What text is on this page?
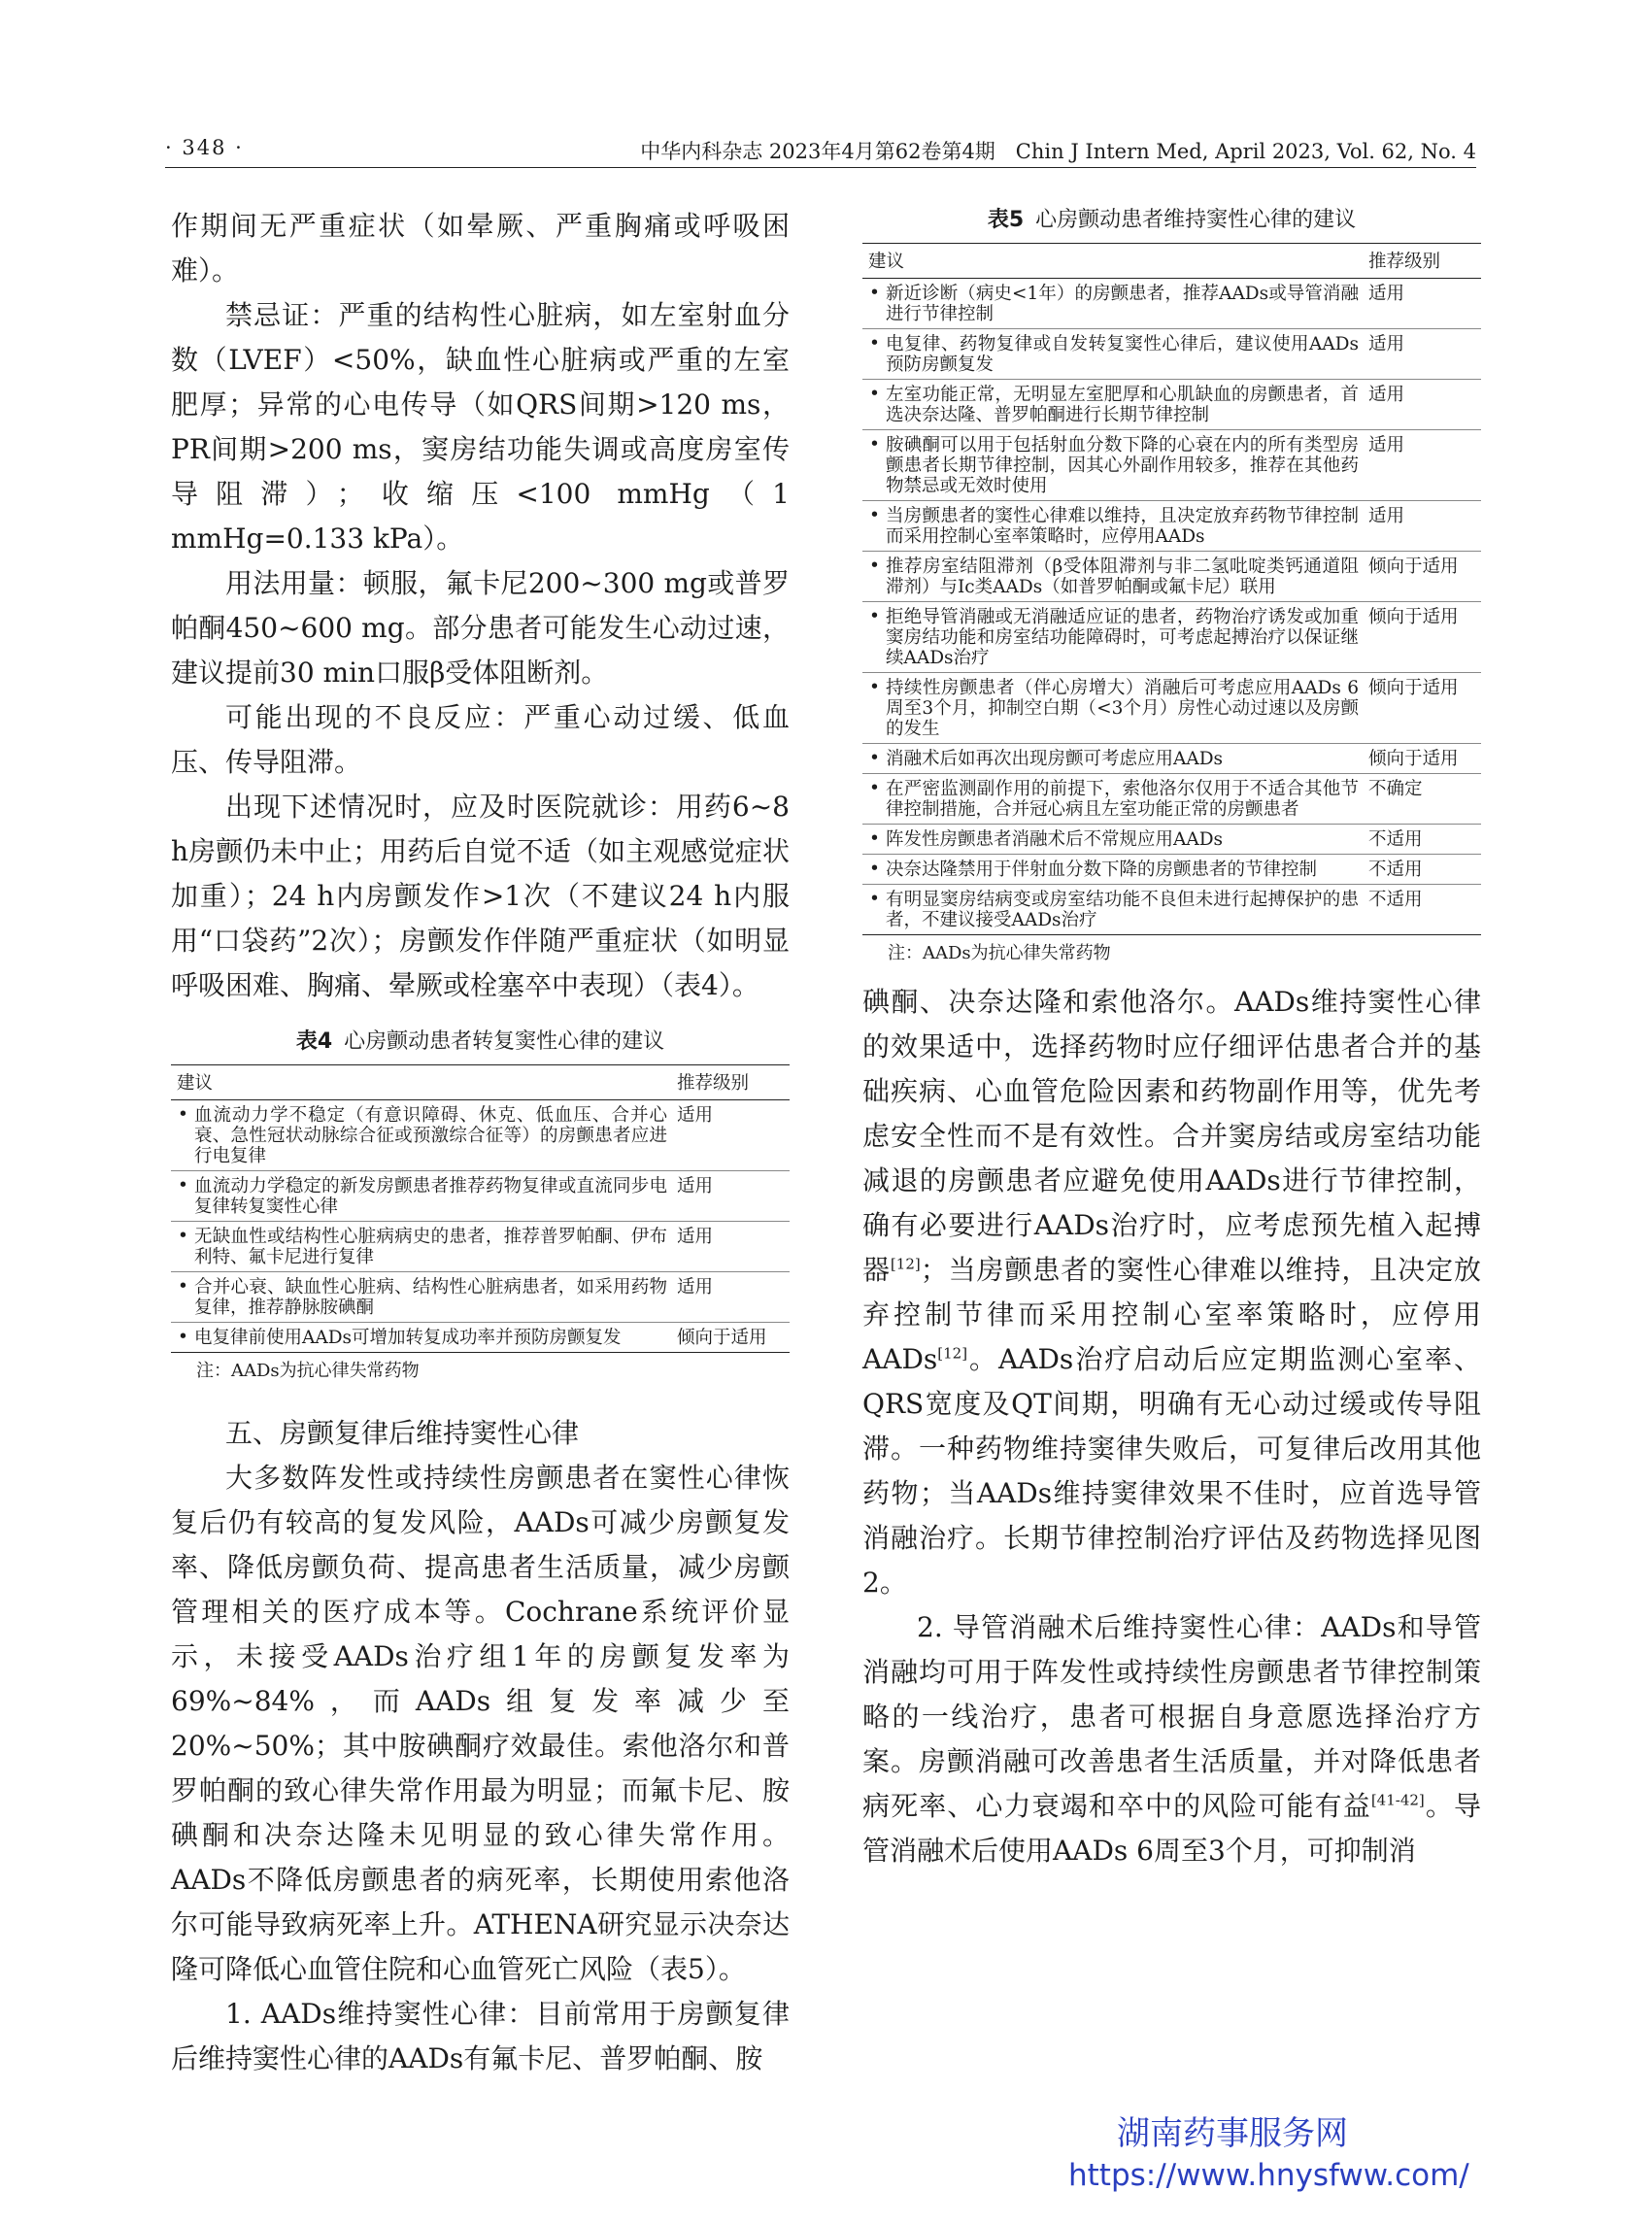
· 348 ·	中华内科杂志 2023年4月第62卷第4期　Chin J Intern Med, April 2023, Vol. 62, No. 4

作期间无严重症状（如晕厥、严重胸痛或呼吸困难）。

禁忌证：严重的结构性心脏病，如左室射血分数（LVEF）<50%，缺血性心脏病或严重的左室肥厚；异常的心电传导（如QRS间期>120 ms，PR间期>200 ms，窦房结功能失调或高度房室传导阻滞）；收缩压<100 mmHg（1 mmHg=0.133 kPa）。

用法用量：顿服，氟卡尼200~300 mg或普罗帕酮450~600 mg。部分患者可能发生心动过速，建议提前30 min口服β受体阻断剂。

可能出现的不良反应：严重心动过缓、低血压、传导阻滞。

出现下述情况时，应及时医院就诊：用药6~8 h房颤仍未中止；用药后自觉不适（如主观感觉症状加重）；24 h内房颤发作>1次（不建议24 h内服用“口袋药”2次）；房颤发作伴随严重症状（如明显呼吸困难、胸痛、晕厥或栓塞卒中表现）（表4）。

表4 心房颤动患者转复窦性心律的建议
建议	推荐级别
• 血流动力学不稳定（有意识障碍、休克、低血压、合并心衰、急性冠状动脉综合征或预激综合征等）的房颤患者应进行电复律	适用
• 血流动力学稳定的新发房颤患者推荐药物复律或直流同步电复律转复窦性心律	适用
• 无缺血性或结构性心脏病病史的患者，推荐普罗帕酮、伊布利特、氟卡尼进行复律	适用
• 合并心衰、缺血性心脏病、结构性心脏病患者，如采用药物复律，推荐静脉胺碘酮	适用
• 电复律前使用AADs可增加转复成功率并预防房颤复发	倾向于适用
注：AADs为抗心律失常药物

五、房颤复律后维持窦性心律

大多数阵发性或持续性房颤患者在窦性心律恢复后仍有较高的复发风险，AADs可减少房颤复发率、降低房颤负荷、提高患者生活质量，减少房颤管理相关的医疗成本等。Cochrane系统评价显示，未接受AADs治疗组1年的房颤复发率为69%~84%，而AADs组复发率减少至20%~50%；其中胺碘酮疗效最佳。索他洛尔和普罗帕酮的致心律失常作用最为明显；而氟卡尼、胺碘酮和决奈达隆未见明显的致心律失常作用。AADs不降低房颤患者的病死率，长期使用索他洛尔可能导致病死率上升。ATHENA研究显示决奈达隆可降低心血管住院和心血管死亡风险（表5）。

1. AADs维持窦性心律：目前常用于房颤复律后维持窦性心律的AADs有氟卡尼、普罗帕酮、胺

表5 心房颤动患者维持窦性心律的建议
建议	推荐级别
• 新近诊断（病史<1年）的房颤患者，推荐AADs或导管消融进行节律控制	适用
• 电复律、药物复律或自发转复窦性心律后，建议使用AADs预防房颤复发	适用
• 左室功能正常，无明显左室肥厚和心肌缺血的房颤患者，首选决奈达隆、普罗帕酮进行长期节律控制	适用
• 胺碘酮可以用于包括射血分数下降的心衰在内的所有类型房颤患者长期节律控制，因其心外副作用较多，推荐在其他药物禁忌或无效时使用	适用
• 当房颤患者的窦性心律难以维持，且决定放弃药物节律控制而采用控制心室率策略时，应停用AADs	适用
• 推荐房室结阻滞剂（β受体阻滞剂与非二氢吡啶类钙通道阻滞剂）与Ⅰc类AADs（如普罗帕酮或氟卡尼）联用	倾向于适用
• 拒绝导管消融或无消融适应证的患者，药物治疗诱发或加重窦房结功能和房室结功能障碍时，可考虑起搏治疗以保证继续AADs治疗	倾向于适用
• 持续性房颤患者（伴心房增大）消融后可考虑应用AADs 6周至3个月，抑制空白期（<3个月）房性心动过速以及房颤的发生	倾向于适用
• 消融术后如再次出现房颤可考虑应用AADs	倾向于适用
• 在严密监测副作用的前提下，索他洛尔仅用于不适合其他节律控制措施，合并冠心病且左室功能正常的房颤患者	不确定
• 阵发性房颤患者消融术后不常规应用AADs	不适用
• 决奈达隆禁用于伴射血分数下降的房颤患者的节律控制	不适用
• 有明显窦房结病变或房室结功能不良但未进行起搏保护的患者，不建议接受AADs治疗	不适用
注：AADs为抗心律失常药物

碘酮、决奈达隆和索他洛尔。AADs维持窦性心律的效果适中，选择药物时应仔细评估患者合并的基础疾病、心血管危险因素和药物副作用等，优先考虑安全性而不是有效性。合并窦房结或房室结功能减退的房颤患者应避免使用AADs进行节律控制，确有必要进行AADs治疗时，应考虑预先植入起搏器[12]；当房颤患者的窦性心律难以维持，且决定放弃控制节律而采用控制心室率策略时，应停用AADs[12]。AADs治疗启动后应定期监测心室率、QRS宽度及QT间期，明确有无心动过缓或传导阻滞。一种药物维持窦律失败后，可复律后改用其他药物；当AADs维持窦律效果不佳时，应首选导管消融治疗。长期节律控制治疗评估及药物选择见图2。

2. 导管消融术后维持窦性心律：AADs和导管消融均可用于阵发性或持续性房颤患者节律控制策略的一线治疗，患者可根据自身意愿选择治疗方案。房颤消融可改善患者生活质量，并对降低患者病死率、心力衰竭和卒中的风险可能有益[41-42]。导管消融术后使用AADs 6周至3个月，可抑制消

湖南药事服务网
https://www.hnysfww.com/
